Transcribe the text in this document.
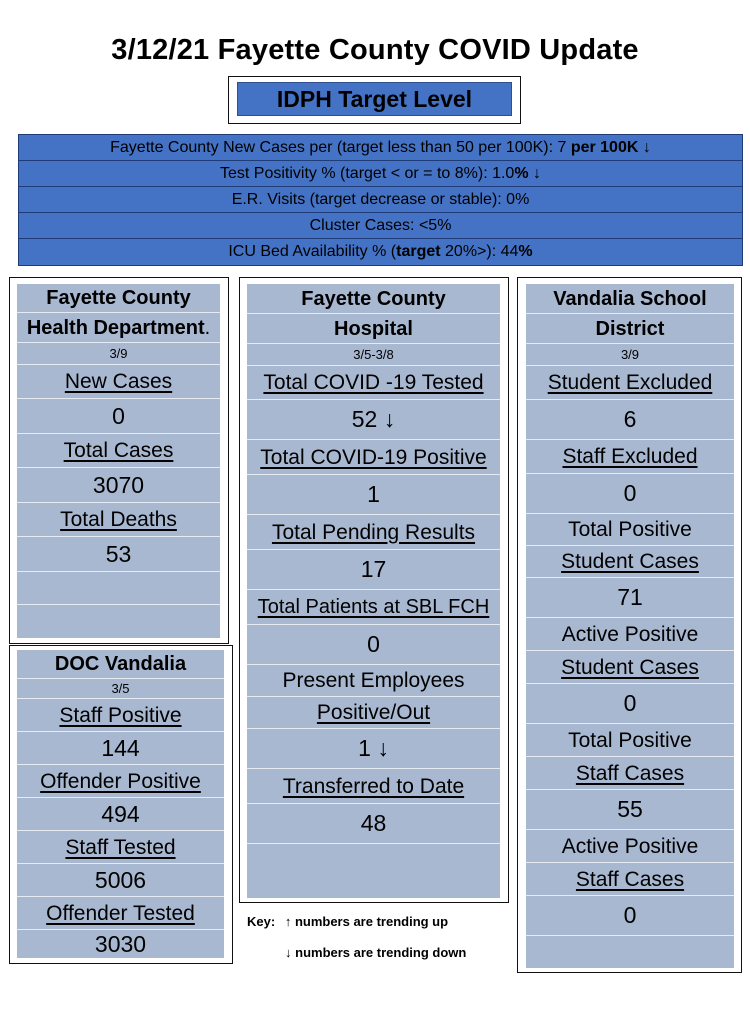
3/12/21 Fayette County COVID Update
IDPH Target Level
Fayette County New Cases per (target less than 50 per 100K): 7 per 100K ↓
Test Positivity % (target < or = to 8%): 1.0 % ↓
E.R. Visits (target decrease or stable): 0%
Cluster Cases: <5%
ICU Bed Availability % ( target 20%>): 44 %
Fayette County
Health Department .
3/9
New Cases
0
Total Cases
3070
Total Deaths
53
DOC Vandalia
3/5
Staff Positive
144
Offender Positive
494
Staff Tested
5006
Offender Tested
3030
Fayette County
Hospital
3/5-3/8
Total COVID -19 Tested
52 ↓
Total COVID-19 Positive
1
Total Pending Results
17
Total Patients at SBL FCH
0
Present Employees
Positive/Out
1 ↓
Transferred to Date
48
Key: ↑ numbers are trending up
↓ numbers are trending down
Vandalia School
District
3/9
Student Excluded
6
Staff Excluded
0
Total Positive
Student Cases
71
Active Positive
Student Cases
0
Total Positive
Staff Cases
55
Active Positive
Staff Cases
0
